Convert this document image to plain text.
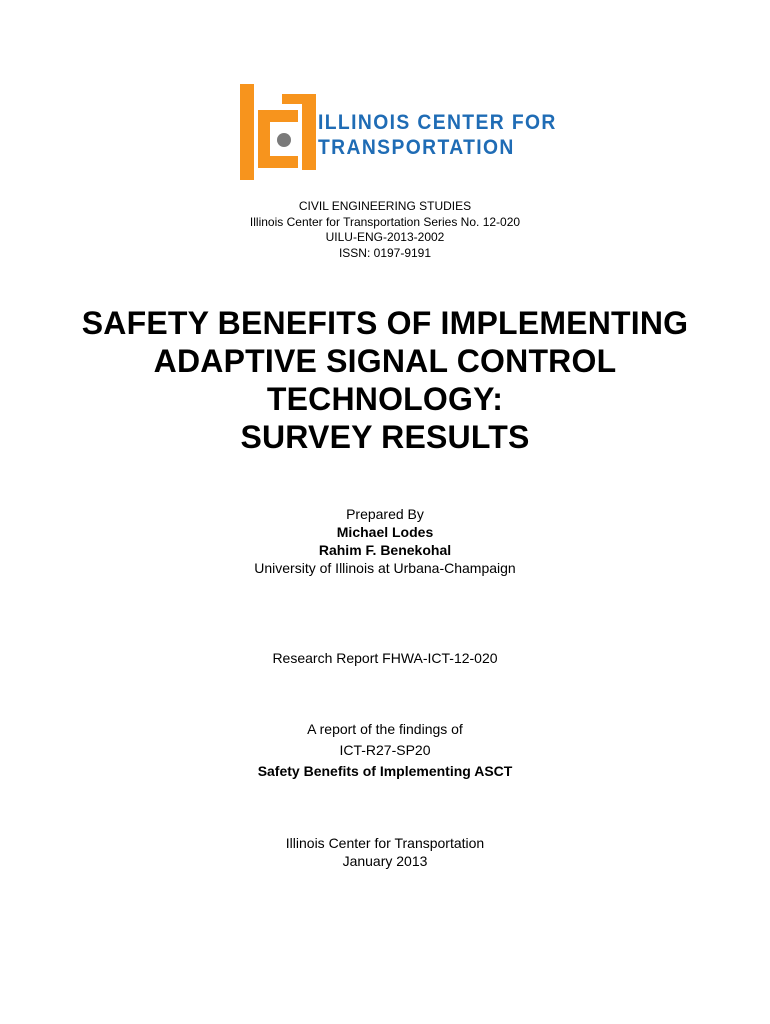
ILLINOIS CENTER FOR
TRANSPORTATION
CIVIL ENGINEERING STUDIES
Illinois Center for Transportation Series No. 12-020
UILU-ENG-2013-2002
ISSN: 0197-9191
SAFETY BENEFITS OF IMPLEMENTING
ADAPTIVE SIGNAL CONTROL
TECHNOLOGY:
SURVEY RESULTS
Prepared By
Michael Lodes
Rahim F. Benekohal
University of Illinois at Urbana-Champaign
Research Report FHWA-ICT-12-020
A report of the findings of
ICT-R27-SP20
Safety Benefits of Implementing ASCT
Illinois Center for Transportation
January 2013
